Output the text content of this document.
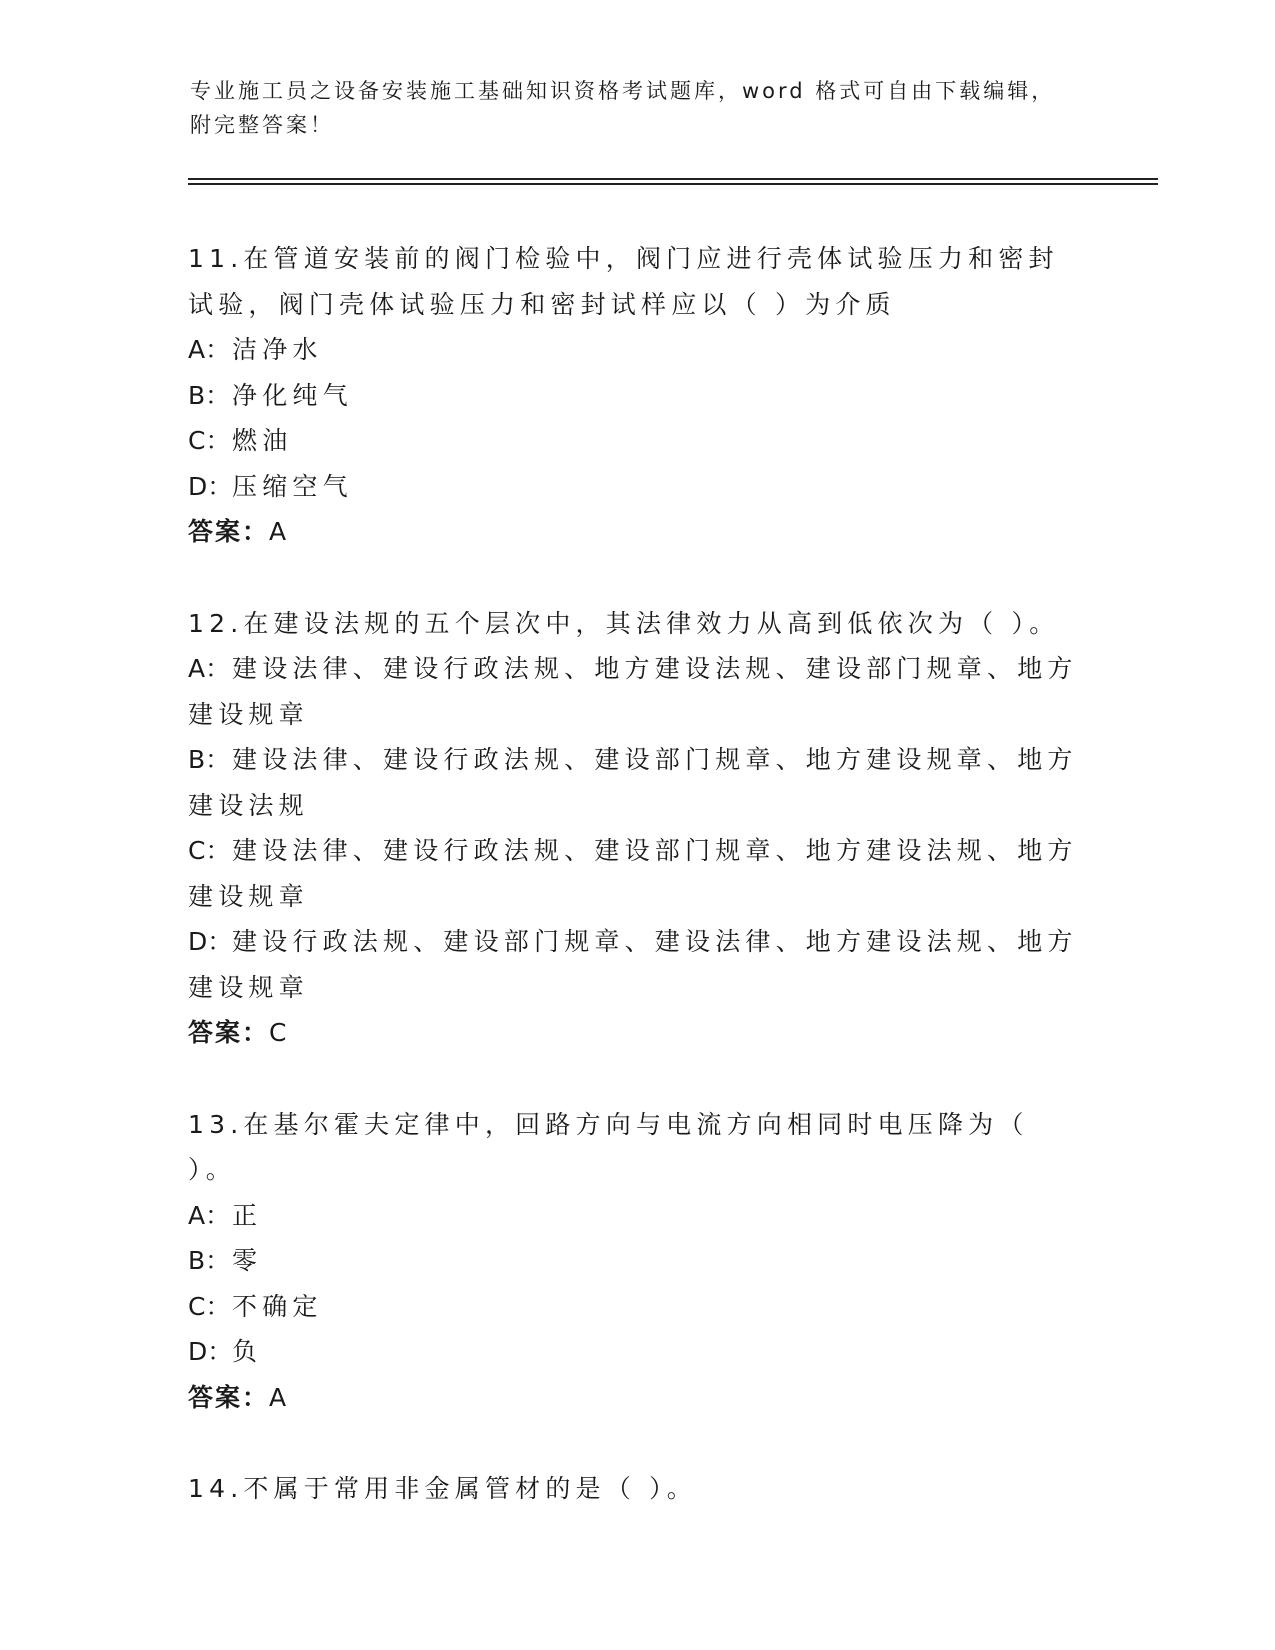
专业施工员之设备安装施工基础知识资格考试题库，word 格式可自由下载编辑，
附完整答案！

11.在管道安装前的阀门检验中，阀门应进行壳体试验压力和密封试验，阀门壳体试验压力和密封试样应以（ ）为介质

A：洁净水

B：净化纯气

C：燃油

D：压缩空气

答案：A

12.在建设法规的五个层次中，其法律效力从高到低依次为（ ）。

A：建设法律、建设行政法规、地方建设法规、建设部门规章、地方建设规章

B：建设法律、建设行政法规、建设部门规章、地方建设规章、地方建设法规

C：建设法律、建设行政法规、建设部门规章、地方建设法规、地方建设规章

D：建设行政法规、建设部门规章、建设法律、地方建设法规、地方建设规章

答案：C

13.在基尔霍夫定律中，回路方向与电流方向相同时电压降为（ ）。

A：正

B：零

C：不确定

D：负

答案：A

14.不属于常用非金属管材的是（ ）。
